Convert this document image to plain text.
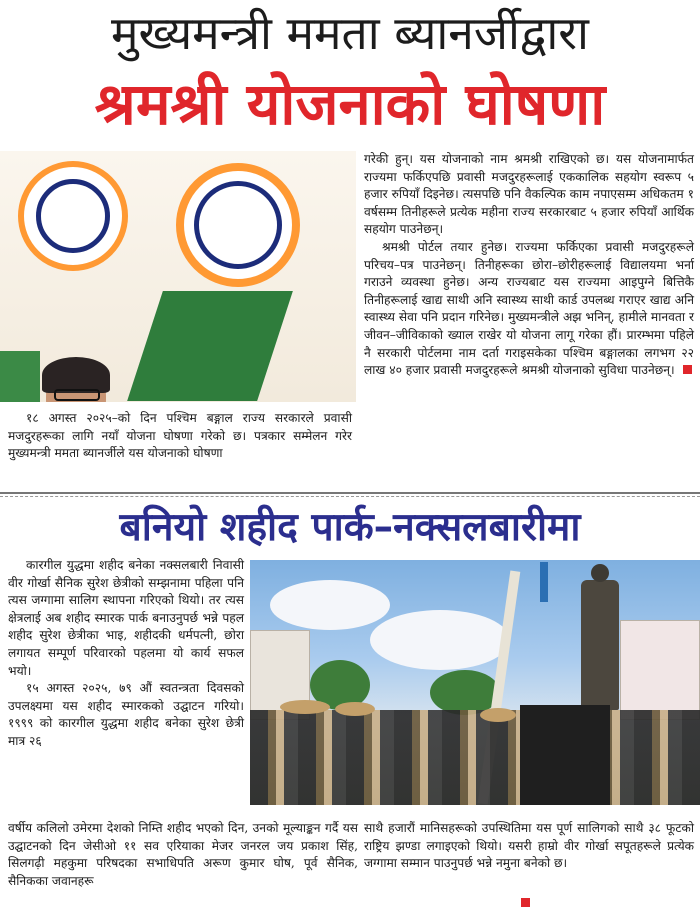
मुख्यमन्त्री ममता ब्यानर्जीद्वारा
श्रमश्री योजनाको घोषणा
१८ अगस्त २०२५–को दिन पश्चिम बङ्गाल राज्य सरकारले प्रवासी मजदुरहरूका लागि नयाँ योजना घोषणा गरेको छ। पत्रकार सम्मेलन गरेर मुख्यमन्त्री ममता ब्यानर्जीले यस योजनाको घोषणा

गरेकी हुन्। यस योजनाको नाम श्रमश्री राखिएको छ। यस योजनामार्फत राज्यमा फर्किएपछि प्रवासी मजदुरहरूलाई एककालिक सहयोग स्वरूप ५ हजार रुपियाँ दिइनेछ। त्यसपछि पनि वैकल्पिक काम नपाएसम्म अधिकतम १ वर्षसम्म तिनीहरूले प्रत्येक महीना राज्य सरकारबाट ५ हजार रुपियाँ आर्थिक सहयोग पाउनेछन्।

श्रमश्री पोर्टल तयार हुनेछ। राज्यमा फर्किएका प्रवासी मजदुरहरूले परिचय–पत्र पाउनेछन्। तिनीहरूका छोरा–छोरीहरूलाई विद्यालयमा भर्ना गराउने व्यवस्था हुनेछ। अन्य राज्यबाट यस राज्यमा आइपुग्ने बित्तिकै तिनीहरूलाई खाद्य साथी अनि स्वास्थ्य साथी कार्ड उपलब्ध गराएर खाद्य अनि स्वास्थ्य सेवा पनि प्रदान गरिनेछ। मुख्यमन्त्रीले अझ भनिन्, हामीले मानवता र जीवन–जीविकाको ख्याल राखेर यो योजना लागू गरेका हौं। प्रारम्भमा पहिले नै सरकारी पोर्टलमा नाम दर्ता गराइसकेका पश्चिम बङ्गालका लगभग २२ लाख ४० हजार प्रवासी मजदुरहरूले श्रमश्री योजनाको सुविधा पाउनेछन्।

बनियो शहीद पार्क–नक्सलबारीमा

कारगील युद्धमा शहीद बनेका नक्सलबारी निवासी वीर गोर्खा सैनिक सुरेश छेत्रीको सम्झनामा पहिला पनि त्यस जग्गामा सालिग स्थापना गरिएको थियो। तर त्यस क्षेत्रलाई अब शहीद स्मारक पार्क बनाउनुपर्छ भन्ने पहल शहीद सुरेश छेत्रीका भाइ, शहीदकी धर्मपत्नी, छोरा लगायत सम्पूर्ण परिवारको पहलमा यो कार्य सफल भयो।

१५ अगस्त २०२५, ७९ औं स्वतन्त्रता दिवसको उपलक्ष्यमा यस शहीद स्मारकको उद्घाटन गरियो। १९९९ को कारगील युद्धमा शहीद बनेका सुरेश छेत्री मात्र २६

वर्षीय कलिलो उमेरमा देशको निम्ति शहीद भएको दिन, उनको मूल्याङ्कन गर्दै यस उद्घाटनको दिन जेसीओ ११ सव एरियाका मेजर जनरल जय प्रकाश सिंह, सिलगढ़ी महकुमा परिषदका सभाधिपति अरूण कुमार घोष, पूर्व सैनिक, सैनिकका जवानहरू
साथै हजारौं मानिसहरूको उपस्थितिमा यस पूर्ण सालिगको साथै ३८ फूटको राष्ट्रिय झण्डा लगाइएको थियो। यसरी हाम्रो वीर गोर्खा सपूतहरूले प्रत्येक जग्गामा सम्मान पाउनुपर्छ भन्ने नमुना बनेको छ।
